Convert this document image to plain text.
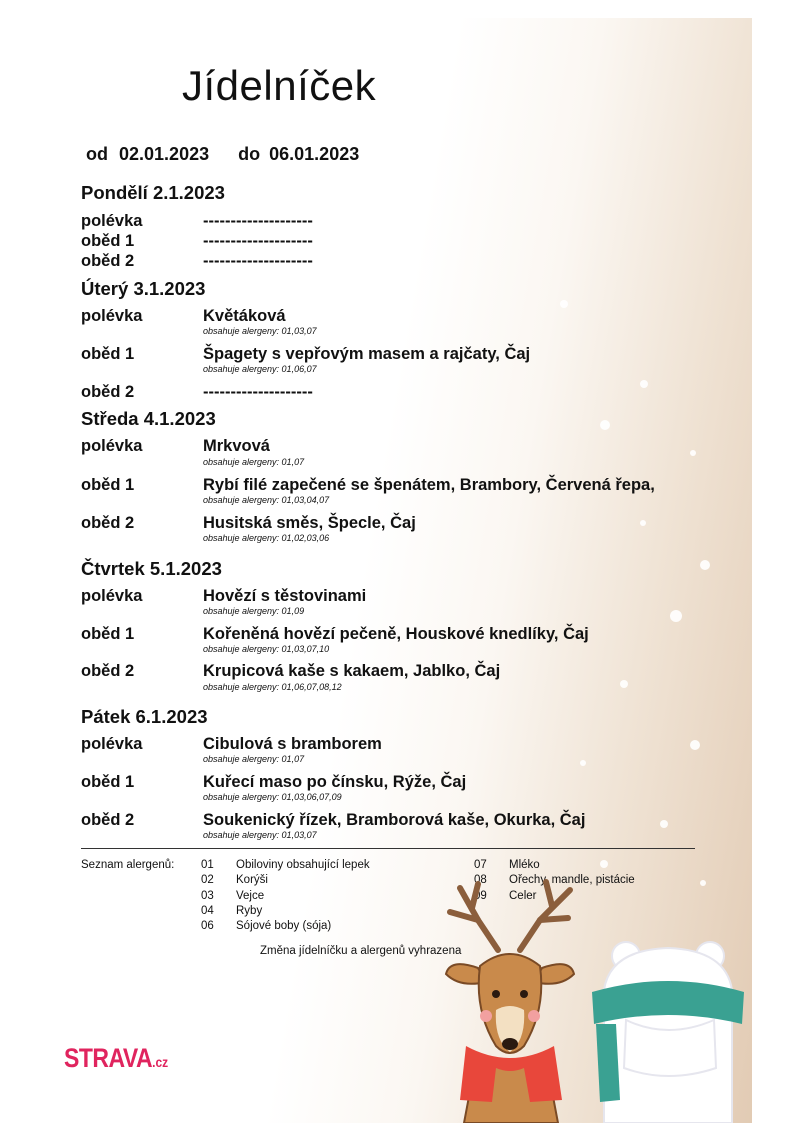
Jídelníček
od 02.01.2023 do 06.01.2023
Pondělí 2.1.2023
polévka	--------------------
oběd 1	--------------------
oběd 2	--------------------
Úterý 3.1.2023
polévka	Květáková
obsahuje alergeny: 01,03,07
oběd 1	Špagety s vepřovým masem a rajčaty, Čaj
obsahuje alergeny: 01,06,07
oběd 2	--------------------
Středa 4.1.2023
polévka	Mrkvová
obsahuje alergeny: 01,07
oběd 1	Rybí filé zapečené se špenátem, Brambory, Červená řepa,
obsahuje alergeny: 01,03,04,07
oběd 2	Husitská směs, Špecle, Čaj
obsahuje alergeny: 01,02,03,06
Čtvrtek 5.1.2023
polévka	Hovězí s těstovinami
obsahuje alergeny: 01,09
oběd 1	Kořeněná hovězí pečeně, Houskové knedlíky, Čaj
obsahuje alergeny: 01,03,07,10
oběd 2	Krupicová kaše s kakaem, Jablko, Čaj
obsahuje alergeny: 01,06,07,08,12
Pátek 6.1.2023
polévka	Cibulová s bramborem
obsahuje alergeny: 01,07
oběd 1	Kuřecí maso po čínsku, Rýže, Čaj
obsahuje alergeny: 01,03,06,07,09
oběd 2	Soukenický řízek, Bramborová kaše, Okurka, Čaj
obsahuje alergeny: 01,03,07
Seznam alergenů: 01 Obiloviny obsahující lepek
02 Korýši
03 Vejce
04 Ryby
06 Sójové boby (sója)
07 Mléko
08 Ořechy, mandle, pistácie
09 Celer
Změna jídelníčku a alergenů vyhrazena
STRAVA.cz
